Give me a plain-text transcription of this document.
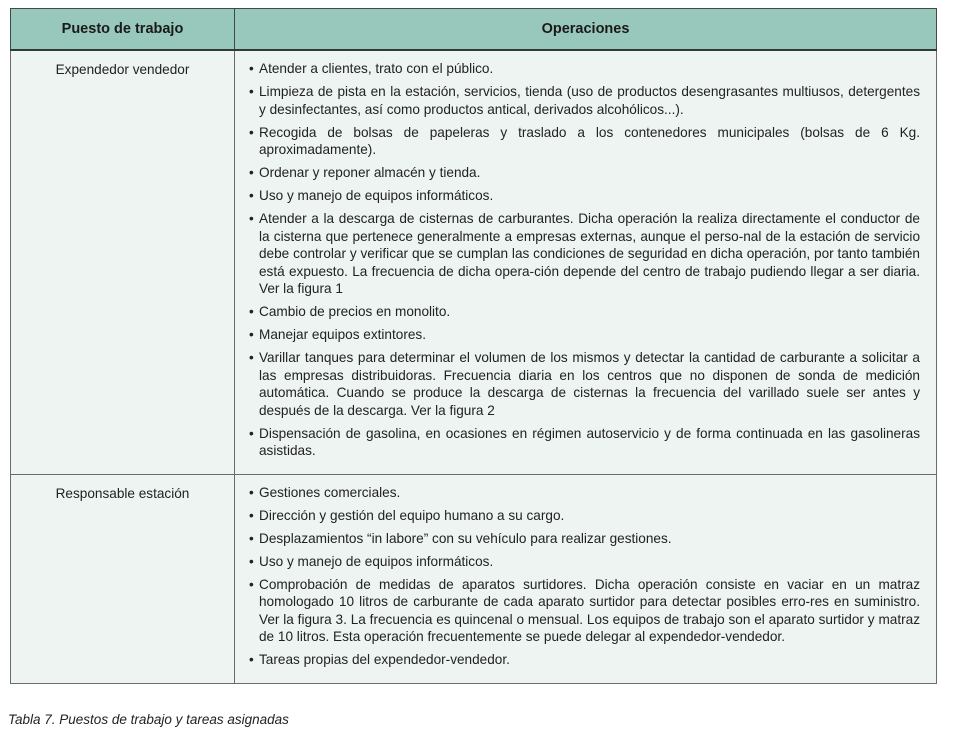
Puesto de trabajo	Operaciones
Expendedor vendedor	• Atender a clientes, trato con el público.
• Limpieza de pista en la estación, servicios, tienda (uso de productos desengrasantes multiusos, detergentes y desinfectantes, así como productos antical, derivados alcohólicos...).
• Recogida de bolsas de papeleras y traslado a los contenedores municipales (bolsas de 6 Kg. aproximadamente).
• Ordenar y reponer almacén y tienda.
• Uso y manejo de equipos informáticos.
• Atender a la descarga de cisternas de carburantes. Dicha operación la realiza directamente el conductor de la cisterna que pertenece generalmente a empresas externas, aunque el perso-nal de la estación de servicio debe controlar y verificar que se cumplan las condiciones de seguridad en dicha operación, por tanto también está expuesto. La frecuencia de dicha opera-ción depende del centro de trabajo pudiendo llegar a ser diaria. Ver la figura 1
• Cambio de precios en monolito.
• Manejar equipos extintores.
• Varillar tanques para determinar el volumen de los mismos y detectar la cantidad de carburante a solicitar a las empresas distribuidoras. Frecuencia diaria en los centros que no disponen de sonda de medición automática. Cuando se produce la descarga de cisternas la frecuencia del varillado suele ser antes y después de la descarga. Ver la figura 2
• Dispensación de gasolina, en ocasiones en régimen autoservicio y de forma continuada en las gasolineras asistidas.

Responsable estación	• Gestiones comerciales.
• Dirección y gestión del equipo humano a su cargo.
• Desplazamientos “in labore” con su vehículo para realizar gestiones.
• Uso y manejo de equipos informáticos.
• Comprobación de medidas de aparatos surtidores. Dicha operación consiste en vaciar en un matraz homologado 10 litros de carburante de cada aparato surtidor para detectar posibles erro-res en suministro. Ver la figura 3. La frecuencia es quincenal o mensual. Los equipos de trabajo son el aparato surtidor y matraz de 10 litros. Esta operación frecuentemente se puede delegar al expendedor-vendedor.
• Tareas propias del expendedor-vendedor.
Tabla 7. Puestos de trabajo y tareas asignadas
